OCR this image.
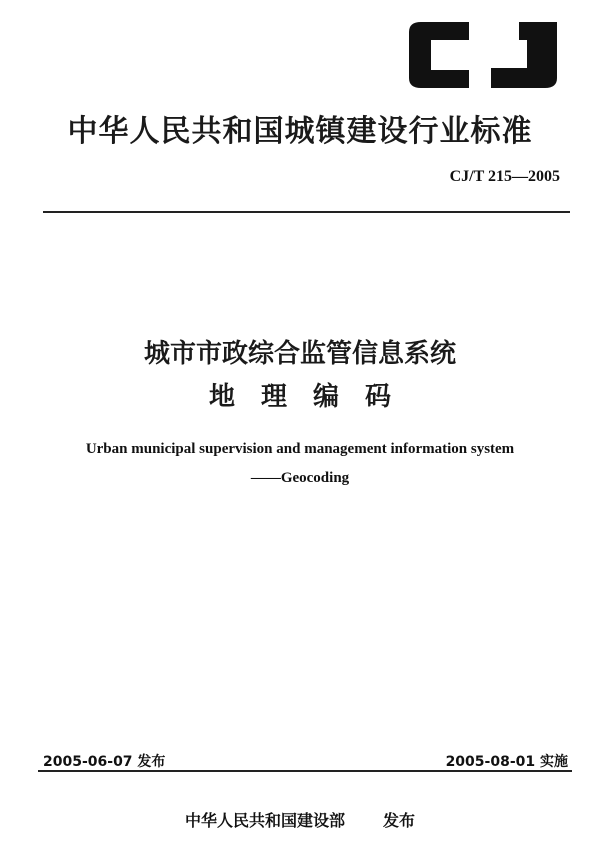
中华人民共和国城镇建设行业标准
CJ/T 215—2005
城市市政综合监管信息系统
地理编码
Urban municipal supervision and management information system
——Geocoding
2005-06-07 发布	2005-08-01 实施
中华人民共和国建设部 发布
